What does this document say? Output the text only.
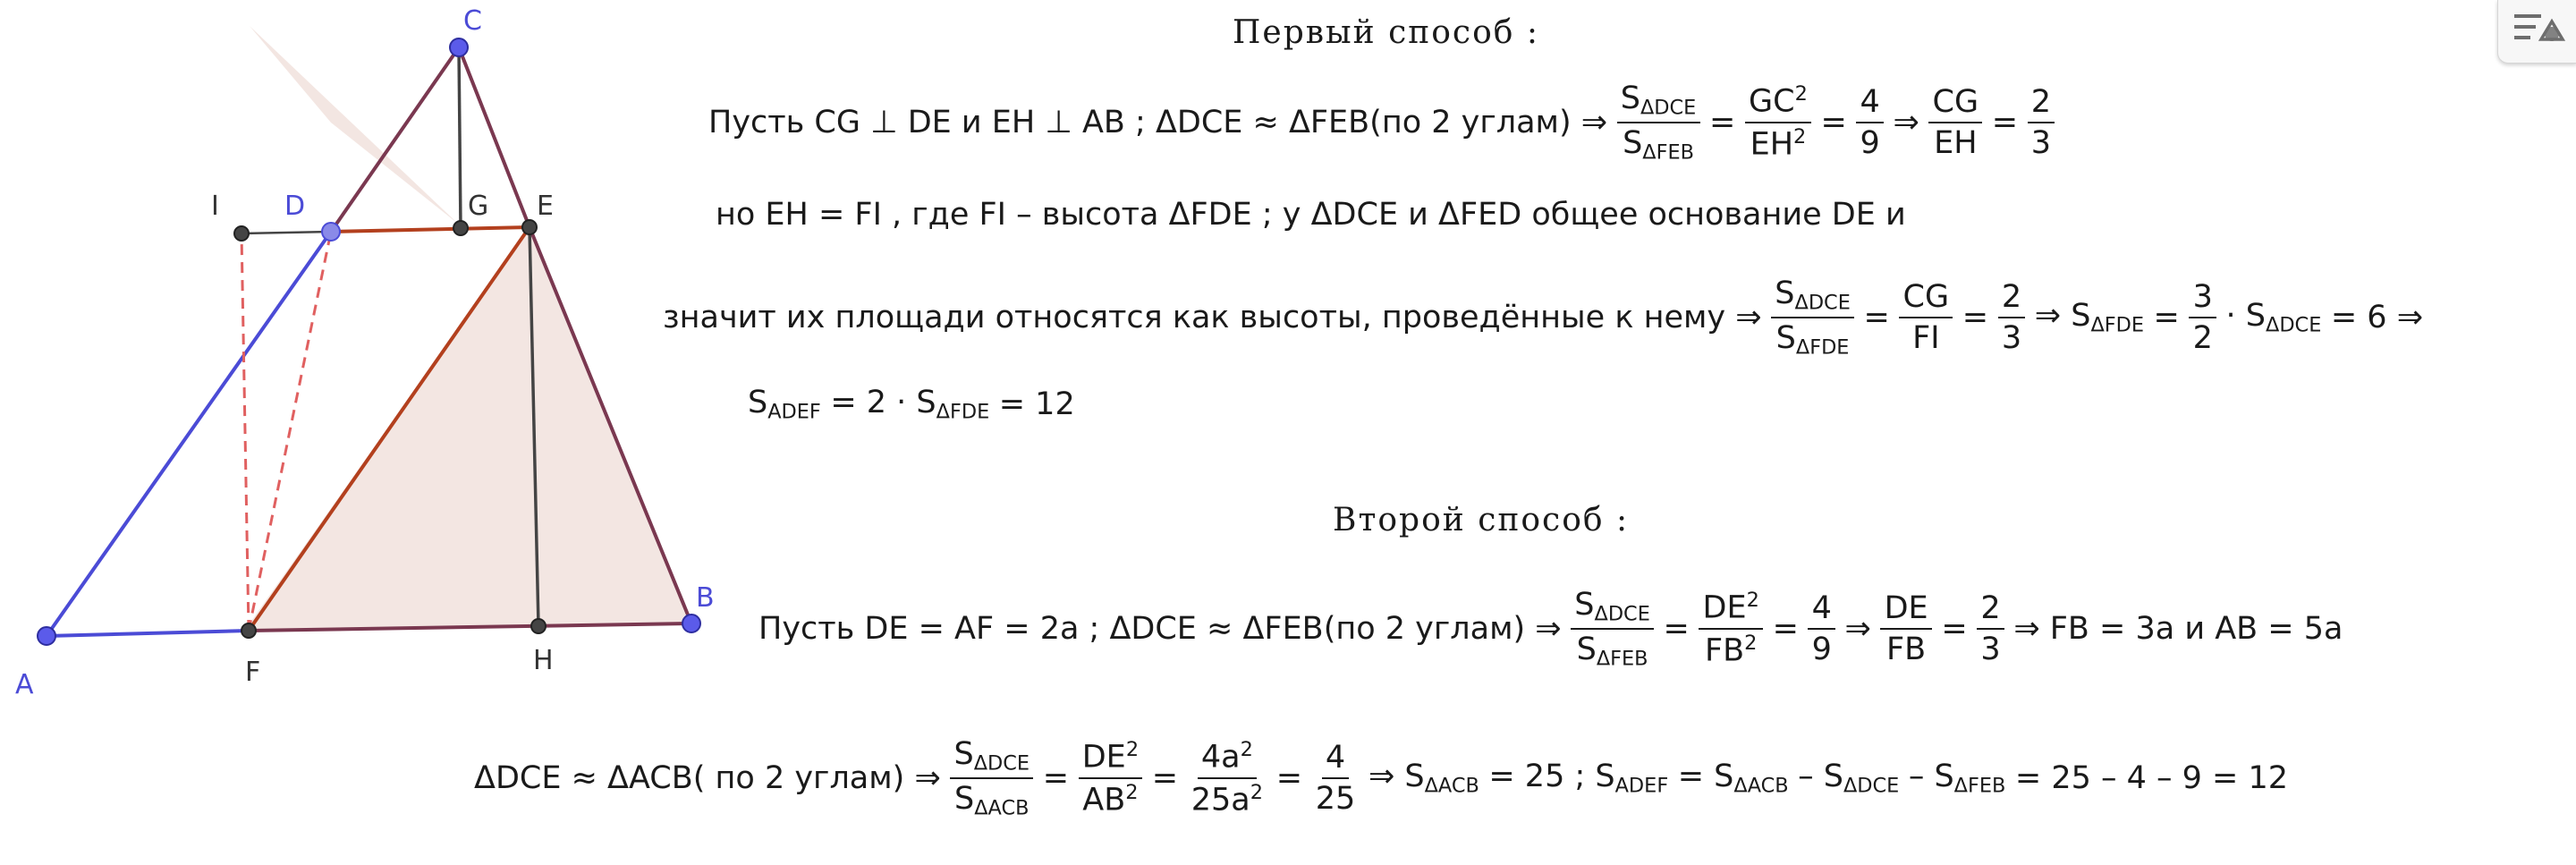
A
B
C
D	E
F
G
H
I
Первый способ :
Пусть CG ⊥ DE и EH ⊥ AB ; ΔDCE ≈ ΔFEB(по 2 углам) ⇒ $\frac{S_{\Delta DCE}}{S_{\Delta FEB}} = \frac{GC^2}{EH^2} = \frac{4}{9}$ ⇒ $\frac{CG}{EH} = \frac{2}{3}$
но EH = FI , где FI – высота ΔFDE ; у ΔDCE и ΔFED общее основание DE и
значит их площади относятся как высоты, проведённые к нему ⇒ $\frac{S_{\Delta DCE}}{S_{\Delta FDE}} = \frac{CG}{FI} = \frac{2}{3}$ ⇒ $S_{\Delta FDE} = \frac{3}{2} \cdot S_{\Delta DCE} = 6$ ⇒
$S_{ADEF} = 2 \cdot S_{\Delta FDE} = 12$
Второй способ :
Пусть DE = AF = 2a ; ΔDCE ≈ ΔFEB(по 2 углам) ⇒ $\frac{S_{\Delta DCE}}{S_{\Delta FEB}} = \frac{DE^2}{FB^2} = \frac{4}{9}$ ⇒ $\frac{DE}{FB} = \frac{2}{3}$ ⇒ FB = 3a и AB = 5a
ΔDCE ≈ ΔACB( по 2 углам) ⇒ $\frac{S_{\Delta DCE}}{S_{\Delta ACB}} = \frac{DE^2}{AB^2} = \frac{4a^2}{25a^2} = \frac{4}{25}$ ⇒ $S_{\Delta ACB} = 25$ ; $S_{ADEF} = S_{\Delta ACB} - S_{\Delta DCE} - S_{\Delta FEB} = 25 - 4 - 9 = 12$
